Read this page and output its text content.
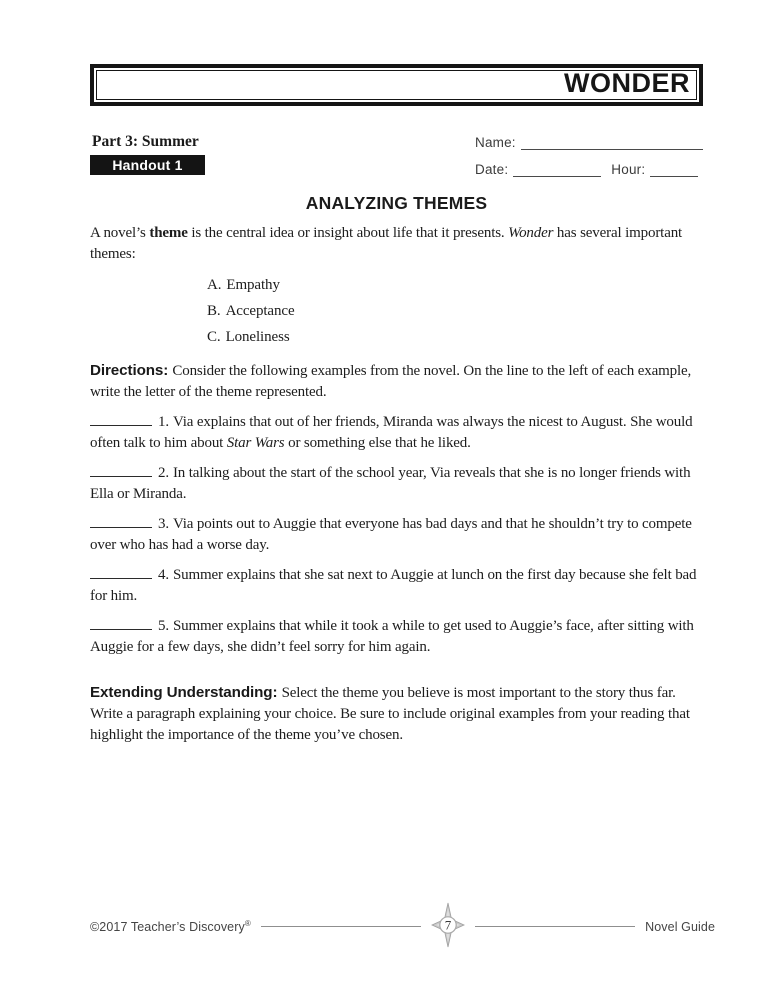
WONDER
Part 3: Summer
Handout 1
Name:
Date:	Hour:
ANALYZING THEMES

A novel’s theme is the central idea or insight about life that it presents. Wonder has several important themes:

A. Empathy
B. Acceptance
C. Loneliness

Directions: Consider the following examples from the novel. On the line to the left of each example, write the letter of the theme represented.

1. Via explains that out of her friends, Miranda was always the nicest to August. She would often talk to him about Star Wars or something else that he liked.

2. In talking about the start of the school year, Via reveals that she is no longer friends with Ella or Miranda.

3. Via points out to Auggie that everyone has bad days and that he shouldn’t try to compete over who has had a worse day.

4. Summer explains that she sat next to Auggie at lunch on the first day because she felt bad for him.

5. Summer explains that while it took a while to get used to Auggie’s face, after sitting with Auggie for a few days, she didn’t feel sorry for him again.

Extending Understanding: Select the theme you believe is most important to the story thus far. Write a paragraph explaining your choice. Be sure to include original examples from your reading that highlight the importance of the theme you’ve chosen.

©2017 Teacher’s Discovery®	7	Novel Guide
